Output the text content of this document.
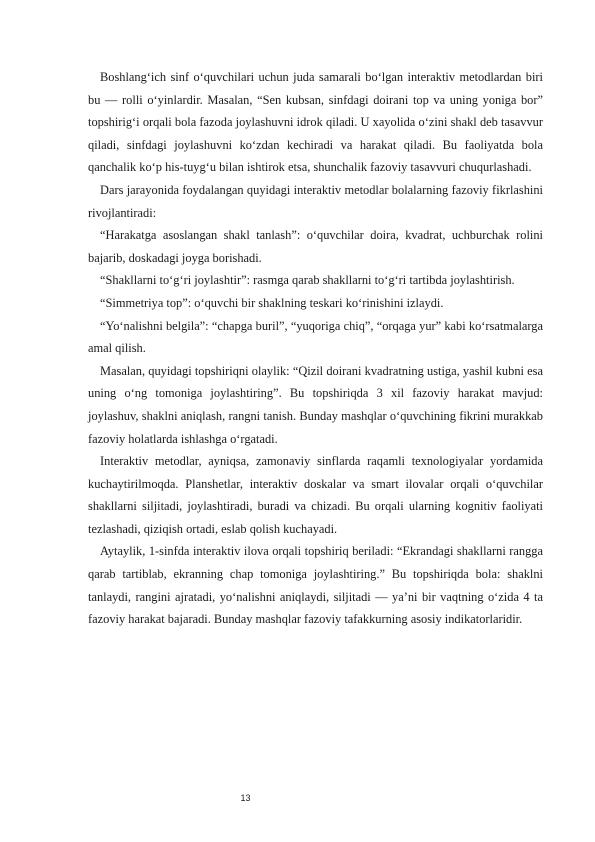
Boshlang‘ich sinf o‘quvchilari uchun juda samarali bo‘lgan interaktiv metodlardan biri bu — rolli o‘yinlardir. Masalan, “Sen kubsan, sinfdagi doirani top va uning yoniga bor” topshirig‘i orqali bola fazoda joylashuvni idrok qiladi. U xayolida o‘zini shakl deb tasavvur qiladi, sinfdagi joylashuvni ko‘zdan kechiradi va harakat qiladi. Bu faoliyatda bola qanchalik ko‘p his-tuyg‘u bilan ishtirok etsa, shunchalik fazoviy tasavvuri chuqurlashadi.

Dars jarayonida foydalangan quyidagi interaktiv metodlar bolalarning fazoviy fikrlashini rivojlantiradi:

“Harakatga asoslangan shakl tanlash”: o‘quvchilar doira, kvadrat, uchburchak rolini bajarib, doskadagi joyga borishadi.

“Shakllarni to‘g‘ri joylashtir”: rasmga qarab shakllarni to‘g‘ri tartibda joylashtirish.

“Simmetriya top”: o‘quvchi bir shaklning teskari ko‘rinishini izlaydi.

“Yo‘nalishni belgila”: “chapga buril”, “yuqoriga chiq”, “orqaga yur” kabi ko‘rsatmalarga amal qilish.

Masalan, quyidagi topshiriqni olaylik: “Qizil doirani kvadratning ustiga, yashil kubni esa uning o‘ng tomoniga joylashtiring”. Bu topshiriqda 3 xil fazoviy harakat mavjud: joylashuv, shaklni aniqlash, rangni tanish. Bunday mashqlar o‘quvchining fikrini murakkab fazoviy holatlarda ishlashga o‘rgatadi.

Interaktiv metodlar, ayniqsa, zamonaviy sinflarda raqamli texnologiyalar yordamida kuchaytirilmoqda. Planshetlar, interaktiv doskalar va smart ilovalar orqali o‘quvchilar shakllarni siljitadi, joylashtiradi, buradi va chizadi. Bu orqali ularning kognitiv faoliyati tezlashadi, qiziqish ortadi, eslab qolish kuchayadi.

Aytaylik, 1-sinfda interaktiv ilova orqali topshiriq beriladi: “Ekrandagi shakllarni rangga qarab tartiblab, ekranning chap tomoniga joylashtiring.” Bu topshiriqda bola: shaklni tanlaydi, rangini ajratadi, yo‘nalishni aniqlaydi, siljitadi — ya’ni bir vaqtning o‘zida 4 ta fazoviy harakat bajaradi. Bunday mashqlar fazoviy tafakkurning asosiy indikatorlaridir.

13
